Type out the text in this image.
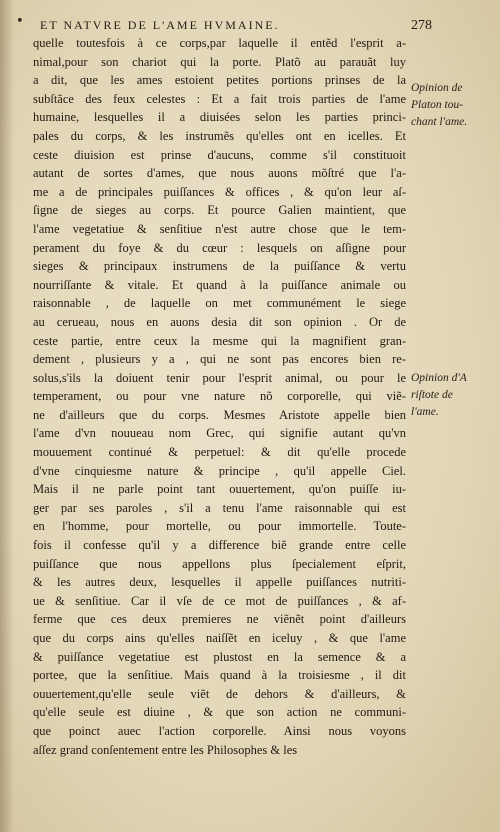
• ET NATVRE DE L'AME HVMAINE.	278
quelle toutesfois à ce corps,par laquelle il entẽd l'esprit a-
nimal,pour son chariot qui la porte. Platõ au parauãt luy
a dit, que les ames estoient petites portions prinses de la
subſtãce des feux celestes : Et a fait trois parties de l'ame
humaine, lesquelles il a diuisées selon les parties princi-
pales du corps, & les instrumẽs qu'elles ont en icelles. Et
ceste diuision est prinse d'aucuns, comme s'il constituoit
autant de sortes d'ames, que nous auons mõſtré que l'a-
me a de principales puiſſances & offices , & qu'on leur aſ-
ſigne de sieges au corps. Et pource Galien maintient, que
l'ame vegetatiue & senſitiue n'est autre chose que le tem-
perament du foye & du cœur : lesquels on aſſigne pour
sieges & principaux instrumens de la puiſſance & vertu
nourriſſante & vitale. Et quand à la puiſſance animale ou
raisonnable , de laquelle on met communément le siege
au cerueau, nous en auons desia dit son opinion . Or de
ceste partie, entre ceux la mesme qui la magnifient gran-
dement , plusieurs y a , qui ne sont pas encores bien re-
solus,s'ils la doiuent tenir pour l'esprit animal, ou pour le
temperament, ou pour vne nature nõ corporelle, qui viẽ-
ne d'ailleurs que du corps. Mesmes Aristote appelle bien
l'ame d'vn nouueau nom Grec, qui signifie autant qu'vn
mouuement continué & perpetuel: & dit qu'elle procede
d'vne cinquiesme nature & principe , qu'il appelle Ciel.
Mais il ne parle point tant ouuertement, qu'on puiſſe iu-
ger par ses paroles , s'il a tenu l'ame raisonnable qui est
en l'homme, pour mortelle, ou pour immortelle. Toute-
fois il confesse qu'il y a difference biẽ grande entre celle
puiſſance que nous appellons plus ſpecialement eſprit,
& les autres deux, lesquelles il appelle puiſſances nutriti-
ue & senſitiue. Car il vſe de ce mot de puiſſances , & af-
ferme que ces deux premieres ne viẽnẽt point d'ailleurs
que du corps ains qu'elles naiſſẽt en iceluy , & que l'ame
& puiſſance vegetatiue est plustost en la semence & a
portee, que la senſitiue. Mais quand à la troisiesme , il dit
ouuertement,qu'elle seule viẽt de dehors & d'ailleurs, &
qu'elle seule est diuine , & que son action ne communi-
que poinct auec l'action corporelle. Ainsi nous voyons
aſſez grand conſentement entre les Philosophes & les
Opinion de
Platon tou-
chant l'ame.
Opinion d'A
riſtote de
l'ame.
